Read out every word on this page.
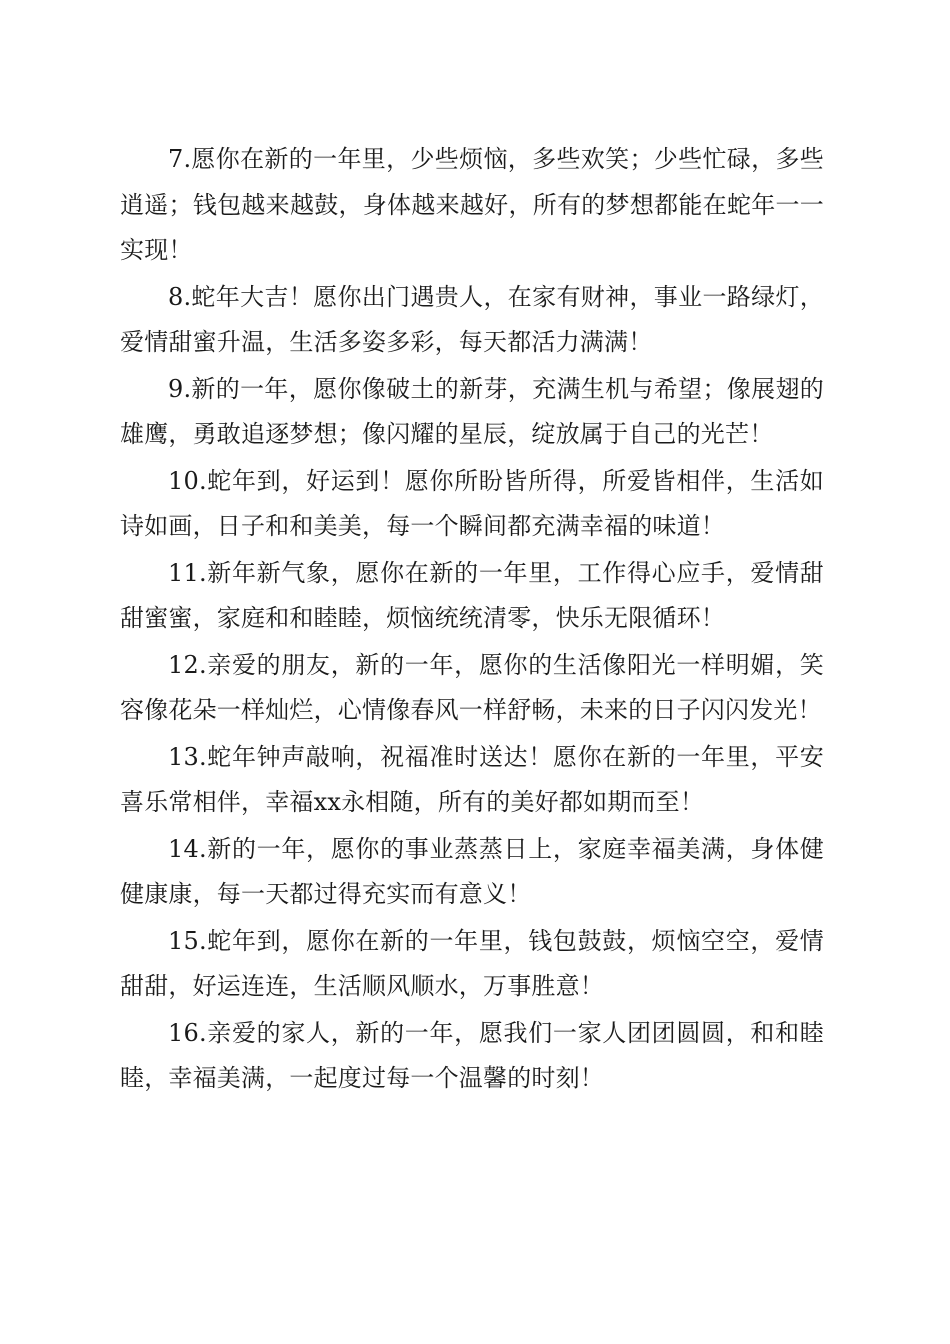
7.愿你在新的一年里，少些烦恼，多些欢笑；少些忙碌，多些逍遥；钱包越来越鼓，身体越来越好，所有的梦想都能在蛇年一一实现！

8.蛇年大吉！愿你出门遇贵人，在家有财神，事业一路绿灯，爱情甜蜜升温，生活多姿多彩，每天都活力满满！

9.新的一年，愿你像破土的新芽，充满生机与希望；像展翅的雄鹰，勇敢追逐梦想；像闪耀的星辰，绽放属于自己的光芒！

10.蛇年到，好运到！愿你所盼皆所得，所爱皆相伴，生活如诗如画，日子和和美美，每一个瞬间都充满幸福的味道！

11.新年新气象，愿你在新的一年里，工作得心应手，爱情甜甜蜜蜜，家庭和和睦睦，烦恼统统清零，快乐无限循环！

12.亲爱的朋友，新的一年，愿你的生活像阳光一样明媚，笑容像花朵一样灿烂，心情像春风一样舒畅，未来的日子闪闪发光！

13.蛇年钟声敲响，祝福准时送达！愿你在新的一年里，平安喜乐常相伴，幸福xx永相随，所有的美好都如期而至！

14.新的一年，愿你的事业蒸蒸日上，家庭幸福美满，身体健健康康，每一天都过得充实而有意义！

15.蛇年到，愿你在新的一年里，钱包鼓鼓，烦恼空空，爱情甜甜，好运连连，生活顺风顺水，万事胜意！

16.亲爱的家人，新的一年，愿我们一家人团团圆圆，和和睦睦，幸福美满，一起度过每一个温馨的时刻！
